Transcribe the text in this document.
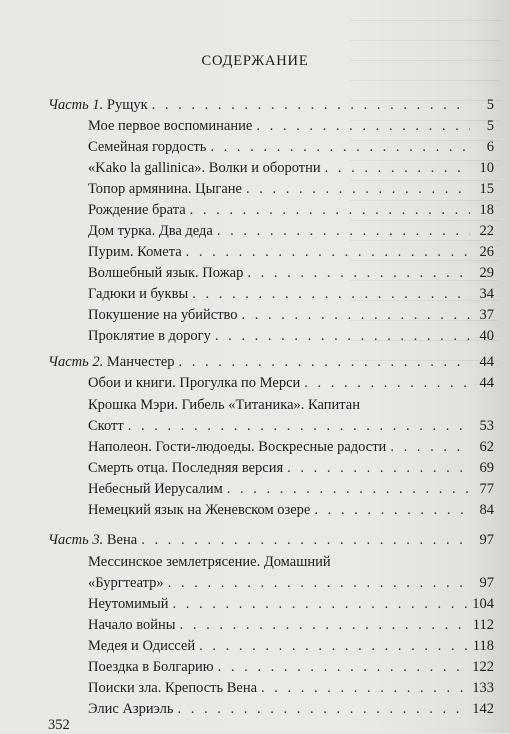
СОДЕРЖАНИЕ
Часть 1. Рущук . . .	5
Мое первое воспоминание . . .	5
Семейная гордость . . .	6
«Kako la gallinica». Волки и оборотни . . .	10
Топор армянина. Цыгане . . .	15
Рождение брата . . .	18
Дом турка. Два деда . . .	22
Пурим. Комета . . .	26
Волшебный язык. Пожар . . .	29
Гадюки и буквы . . .	34
Покушение на убийство . . .	37
Проклятие в дорогу . . .	40
Часть 2. Манчестер . . .	44
Обои и книги. Прогулка по Мерси . . .	44
Крошка Мэри. Гибель «Титаника». Капитан
Скотт . . .	53
Наполеон. Гости-людоеды. Воскресные радости . . .	62
Смерть отца. Последняя версия . . .	69
Небесный Иерусалим . . .	77
Немецкий язык на Женевском озере . . .	84
Часть 3. Вена . . .	97
Мессинское землетрясение. Домашний
«Бургтеатр» . . .	97
Неутомимый . . .	104
Начало войны . . .	112
Медея и Одиссей . . .	118
Поездка в Болгарию . . .	122
Поиски зла. Крепость Вена . . .	133
Элис Азриэль . . .	142
352
